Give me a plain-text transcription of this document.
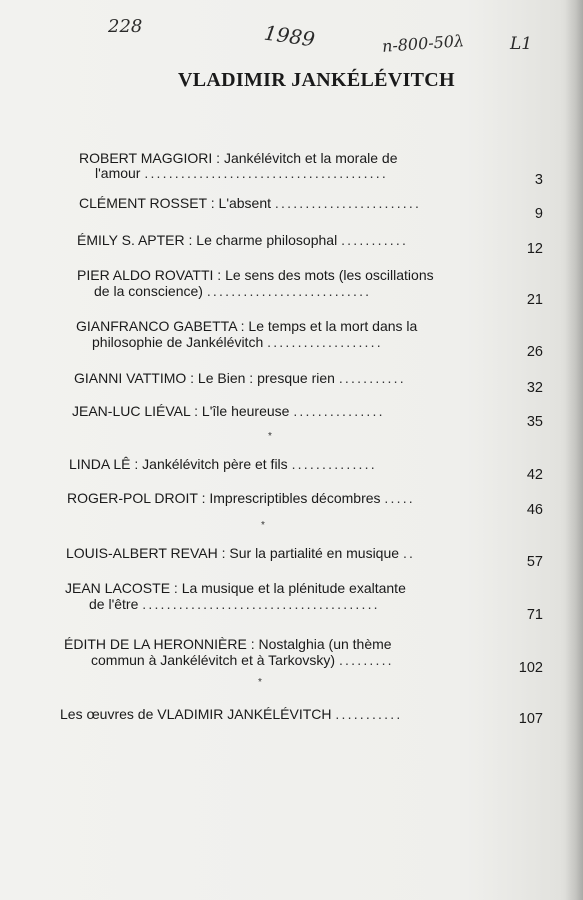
228	1989	n-800-50λ	L1
VLADIMIR JANKÉLÉVITCH
ROBERT MAGGIORI : Jankélévitch et la morale de
l'amour ........................................	3
CLÉMENT ROSSET : L'absent ........................
9
ÉMILY S. APTER : Le charme philosophal ...........
12
PIER ALDO ROVATTI : Le sens des mots (les oscillations
de la conscience) ...........................
21
GIANFRANCO GABETTA : Le temps et la mort dans la
philosophie de Jankélévitch ...................
26
GIANNI VATTIMO : Le Bien : presque rien ...........
32
JEAN-LUC LIÉVAL : L'île heureuse ...............
35
*
LINDA LÊ : Jankélévitch père et fils ..............
42
ROGER-POL DROIT : Imprescriptibles décombres .....
46
*
LOUIS-ALBERT REVAH : Sur la partialité en musique ..
57
JEAN LACOSTE : La musique et la plénitude exaltante
de l'être .......................................
71
ÉDITH DE LA HERONNIÈRE : Nostalghia (un thème
commun à Jankélévitch et à Tarkovsky) .........	102
*
Les œuvres de VLADIMIR JANKÉLÉVITCH ...........	107
